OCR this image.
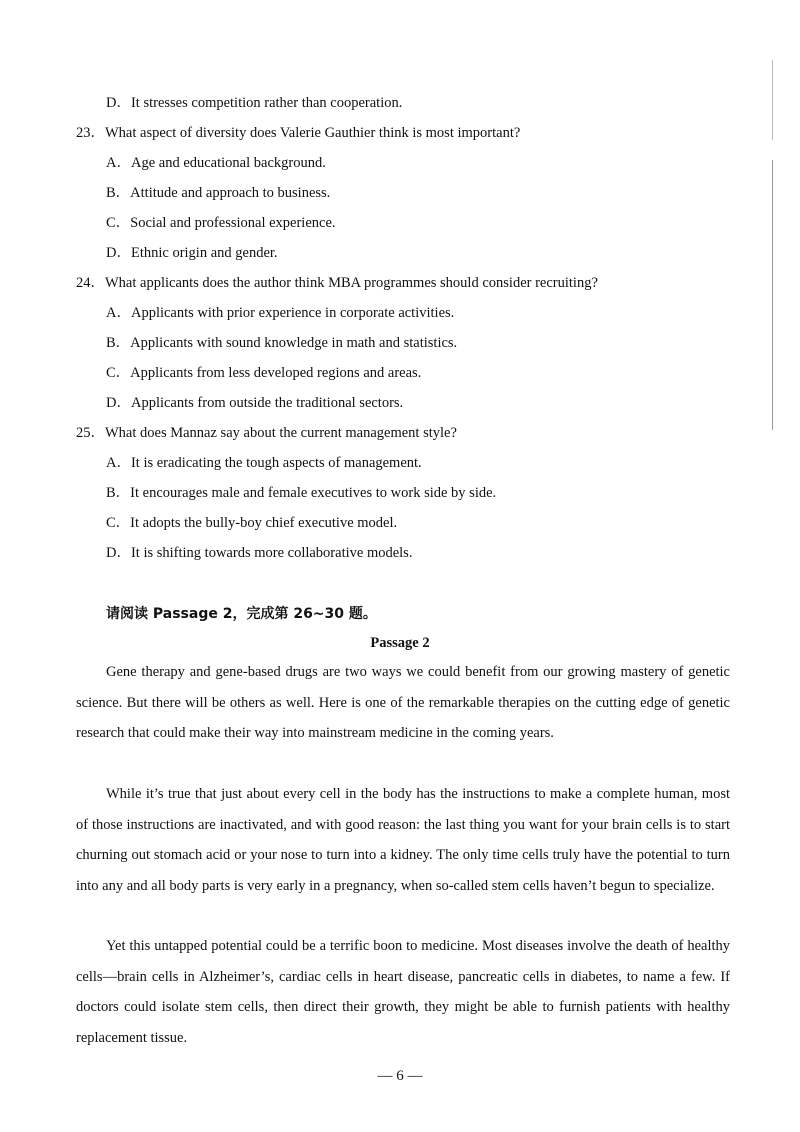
D．It stresses competition rather than cooperation.
23．What aspect of diversity does Valerie Gauthier think is most important?
A．Age and educational background.
B．Attitude and approach to business.
C．Social and professional experience.
D．Ethnic origin and gender.
24．What applicants does the author think MBA programmes should consider recruiting?
A．Applicants with prior experience in corporate activities.
B．Applicants with sound knowledge in math and statistics.
C．Applicants from less developed regions and areas.
D．Applicants from outside the traditional sectors.
25．What does Mannaz say about the current management style?
A．It is eradicating the tough aspects of management.
B．It encourages male and female executives to work side by side.
C．It adopts the bully-boy chief executive model.
D．It is shifting towards more collaborative models.
请阅读 Passage 2，完成第 26~30 题。
Passage 2

Gene therapy and gene-based drugs are two ways we could benefit from our growing mastery of genetic science. But there will be others as well. Here is one of the remarkable therapies on the cutting edge of genetic research that could make their way into mainstream medicine in the coming years.

While it’s true that just about every cell in the body has the instructions to make a complete human, most of those instructions are inactivated, and with good reason: the last thing you want for your brain cells is to start churning out stomach acid or your nose to turn into a kidney. The only time cells truly have the potential to turn into any and all body parts is very early in a pregnancy, when so-called stem cells haven’t begun to specialize.

Yet this untapped potential could be a terrific boon to medicine. Most diseases involve the death of healthy cells—brain cells in Alzheimer’s, cardiac cells in heart disease, pancreatic cells in diabetes, to name a few. If doctors could isolate stem cells, then direct their growth, they might be able to furnish patients with healthy replacement tissue.

— 6 —
